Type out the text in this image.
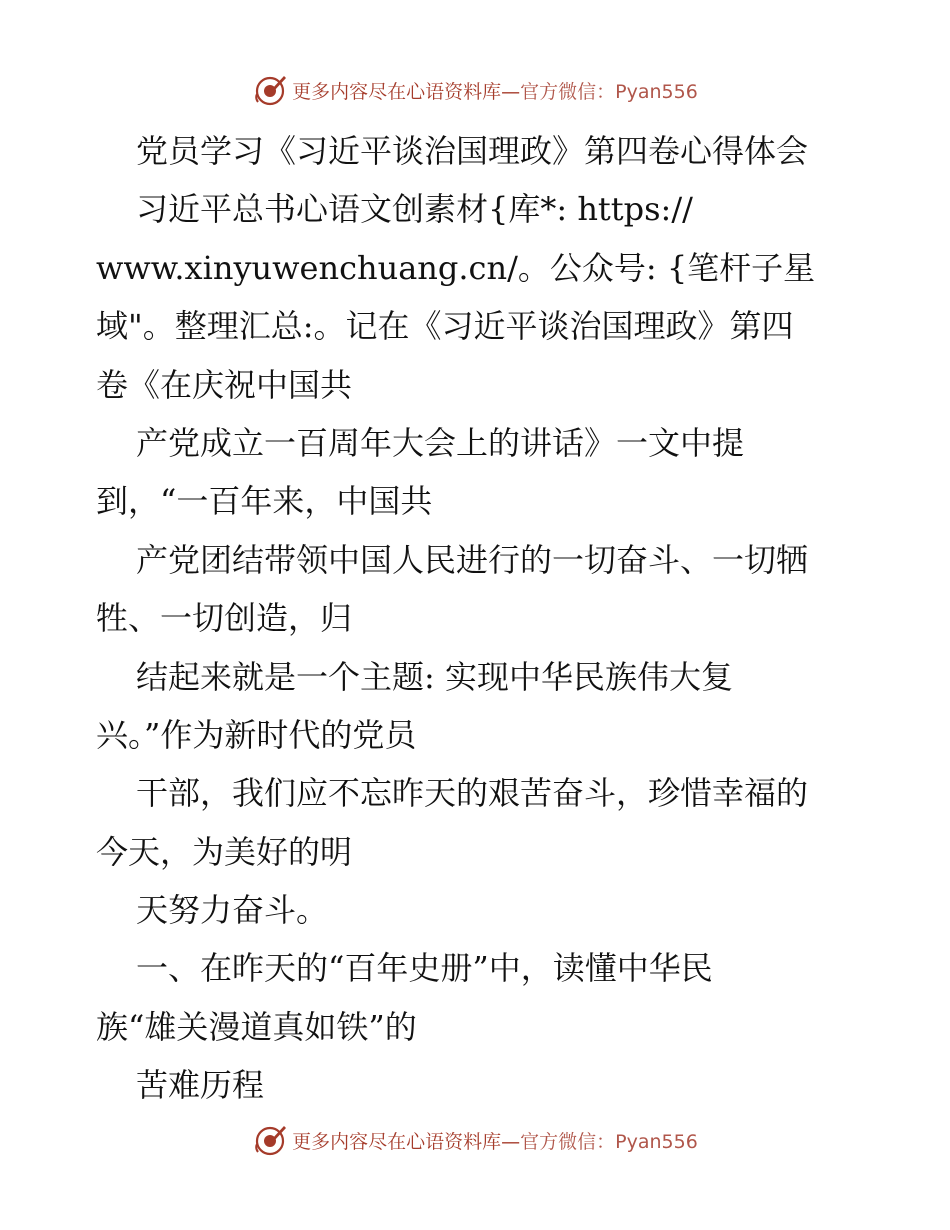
更多内容尽在心语资料库—官方微信：Pyan556
党员学习《习近平谈治国理政》第四卷心得体会
习近平总书心语文创素材{库*: https://
www.xinyuwenchuang.cn/。公众号: {笔杆子星
域"。整理汇总:。记在《习近平谈治国理政》第四
卷《在庆祝中国共
产党成立一百周年大会上的讲话》一文中提
到，“一百年来，中国共
产党团结带领中国人民进行的一切奋斗、一切牺
牲、一切创造，归
结起来就是一个主题: 实现中华民族伟大复
兴。”作为新时代的党员
干部，我们应不忘昨天的艰苦奋斗，珍惜幸福的
今天，为美好的明
天努力奋斗。
一、在昨天的“百年史册”中，读懂中华民
族“雄关漫道真如铁”的
苦难历程
更多内容尽在心语资料库—官方微信：Pyan556
